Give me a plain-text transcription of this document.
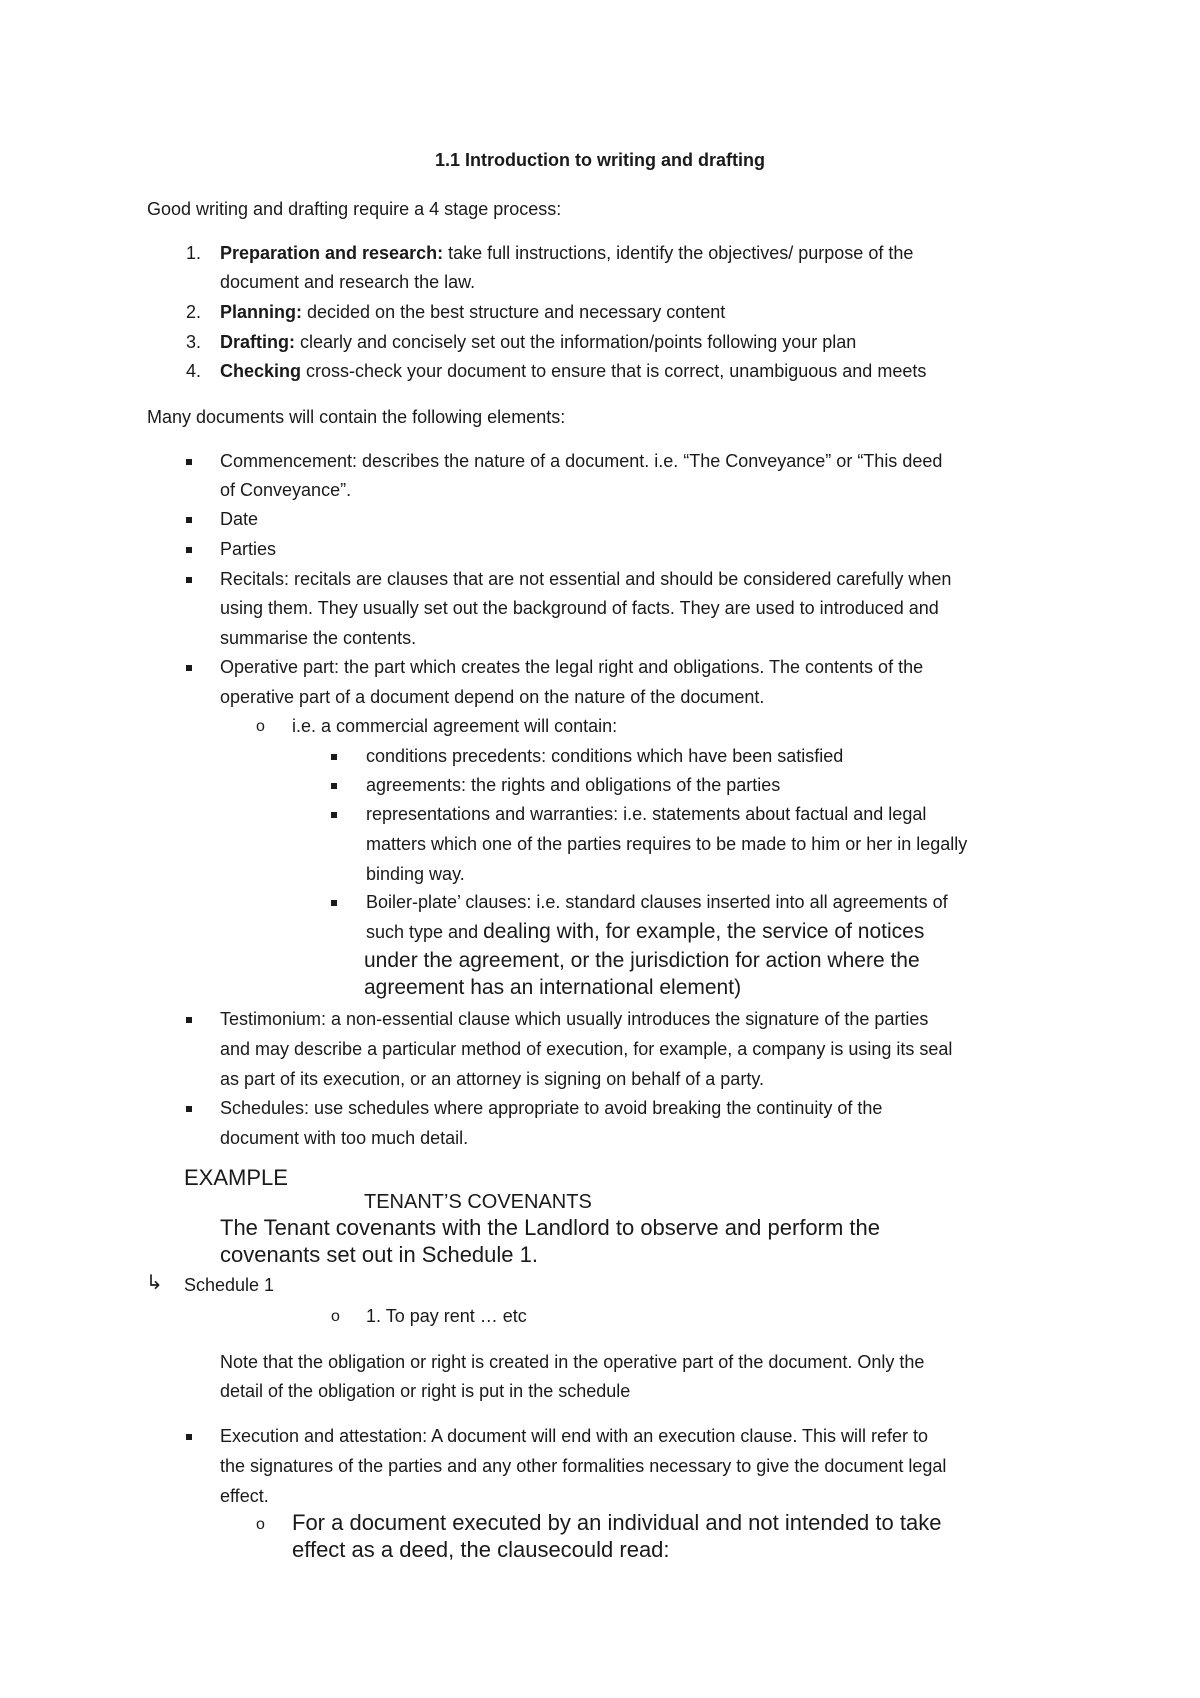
1.1 Introduction to writing and drafting
Good writing and drafting require a 4 stage process:
1. Preparation and research: take full instructions, identify the objectives/ purpose of the
document and research the law.
2. Planning: decided on the best structure and necessary content
3. Drafting: clearly and concisely set out the information/points following your plan
4. Checking cross-check your document to ensure that is correct, unambiguous and meets
Many documents will contain the following elements:
Commencement: describes the nature of a document. i.e. “The Conveyance” or “This deed
of Conveyance”.
Date
Parties
Recitals: recitals are clauses that are not essential and should be considered carefully when
using them. They usually set out the background of facts. They are used to introduced and
summarise the contents.
Operative part: the part which creates the legal right and obligations. The contents of the
operative part of a document depend on the nature of the document.
o i.e. a commercial agreement will contain:
conditions precedents: conditions which have been satisfied
agreements: the rights and obligations of the parties
representations and warranties: i.e. statements about factual and legal
matters which one of the parties requires to be made to him or her in legally
binding way.
Boiler-plate’ clauses: i.e. standard clauses inserted into all agreements of
such type and dealing with, for example, the service of notices
under the agreement, or the jurisdiction for action where the
agreement has an international element)
Testimonium: a non-essential clause which usually introduces the signature of the parties
and may describe a particular method of execution, for example, a company is using its seal
as part of its execution, or an attorney is signing on behalf of a party.
Schedules: use schedules where appropriate to avoid breaking the continuity of the
document with too much detail.
EXAMPLE
TENANT’S COVENANTS
The Tenant covenants with the Landlord to observe and perform the
covenants set out in Schedule 1.
↳ Schedule 1
o 1. To pay rent … etc
Note that the obligation or right is created in the operative part of the document. Only the
detail of the obligation or right is put in the schedule
Execution and attestation: A document will end with an execution clause. This will refer to
the signatures of the parties and any other formalities necessary to give the document legal
effect.
o For a document executed by an individual and not intended to take
effect as a deed, the clausecould read:
